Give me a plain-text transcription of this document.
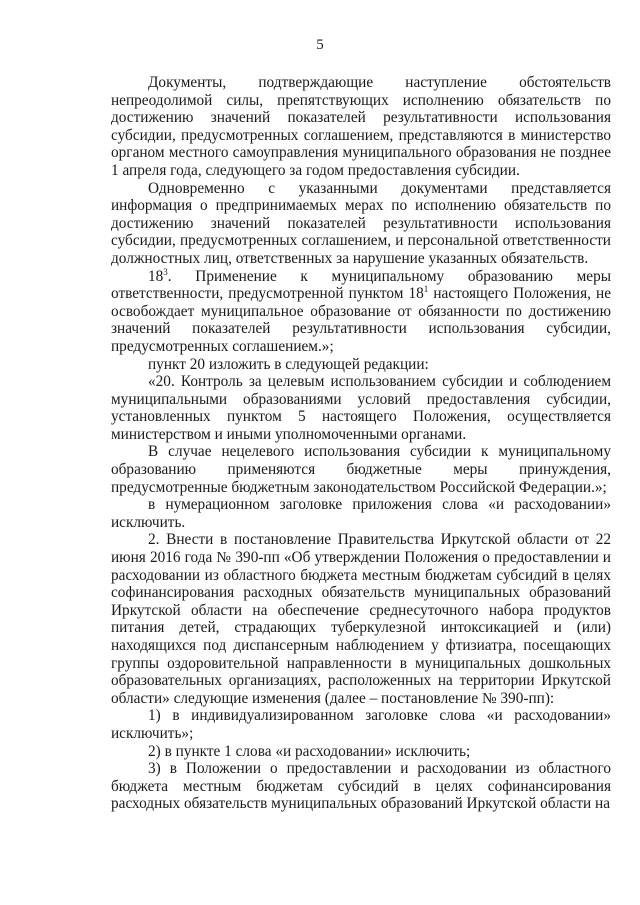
5

Документы, подтверждающие наступление обстоятельств непреодолимой силы, препятствующих исполнению обязательств по достижению значений показателей результативности использования субсидии, предусмотренных соглашением, представляются в министерство органом местного самоуправления муниципального образования не позднее 1 апреля года, следующего за годом предоставления субсидии.

Одновременно с указанными документами представляется информация о предпринимаемых мерах по исполнению обязательств по достижению значений показателей результативности использования субсидии, предусмотренных соглашением, и персональной ответственности должностных лиц, ответственных за нарушение указанных обязательств.

$18^3$. Применение к муниципальному образованию меры ответственности, предусмотренной пунктом $18^1$ настоящего Положения, не освобождает муниципальное образование от обязанности по достижению значений показателей результативности использования субсидии, предусмотренных соглашением.»;

пункт 20 изложить в следующей редакции:

«20. Контроль за целевым использованием субсидии и соблюдением муниципальными образованиями условий предоставления субсидии, установленных пунктом 5 настоящего Положения, осуществляется министерством и иными уполномоченными органами.

В случае нецелевого использования субсидии к муниципальному образованию применяются бюджетные меры принуждения, предусмотренные бюджетным законодательством Российской Федерации.»;

в нумерационном заголовке приложения слова «и расходовании» исключить.

2. Внести в постановление Правительства Иркутской области от 22 июня 2016 года № 390-пп «Об утверждении Положения о предоставлении и расходовании из областного бюджета местным бюджетам субсидий в целях софинансирования расходных обязательств муниципальных образований Иркутской области на обеспечение среднесуточного набора продуктов питания детей, страдающих туберкулезной интоксикацией и (или) находящихся под диспансерным наблюдением у фтизиатра, посещающих группы оздоровительной направленности в муниципальных дошкольных образовательных организациях, расположенных на территории Иркутской области» следующие изменения (далее – постановление № 390-пп):

1) в индивидуализированном заголовке слова «и расходовании» исключить»;

2) в пункте 1 слова «и расходовании» исключить;

3) в Положении о предоставлении и расходовании из областного бюджета местным бюджетам субсидий в целях софинансирования расходных обязательств муниципальных образований Иркутской области на
